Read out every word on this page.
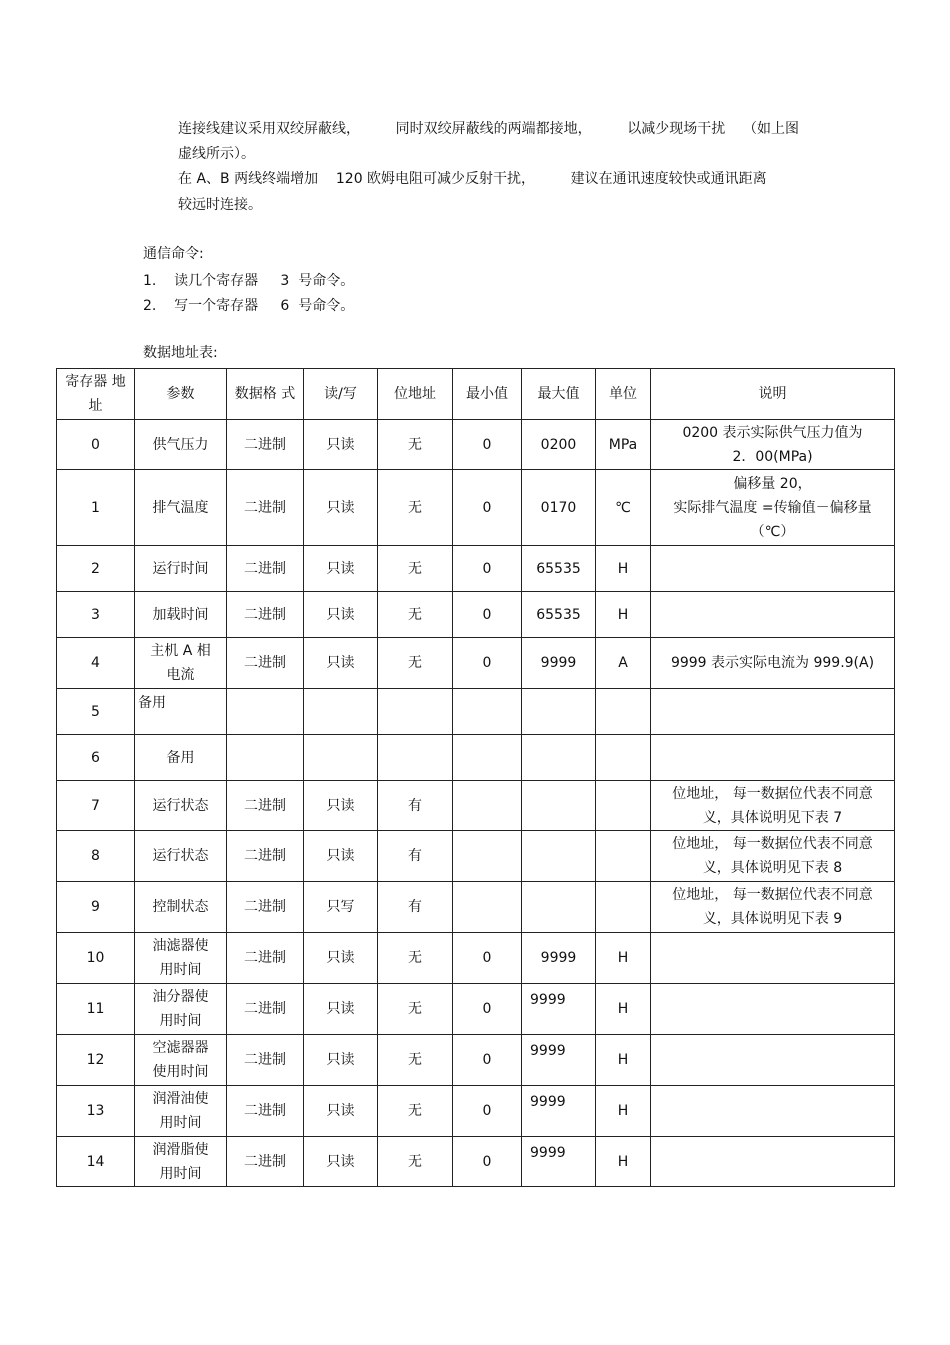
连接线建议采用双绞屏蔽线，        同时双绞屏蔽线的两端都接地，        以减少现场干扰    （如上图
虚线所示）。
在 A、B 两线终端增加    120 欧姆电阻可减少反射干扰，        建议在通讯速度较快或通讯距离
较远时连接。
通信命令:
1.    读几个寄存器     3  号命令。
2.    写一个寄存器     6  号命令。
数据地址表:
寄存器 地址	参数	数据格 式	读/写	位地址	最小值	最大值	单位	说明
0	供气压力	二进制	只读	无	0	0200	MPa	0200 表示实际供气压力值为
2．00(MPa)
1	排气温度	二进制	只读	无	0	0170	℃	偏移量 20，
实际排气温度 =传输值－偏移量
（℃）
2	运行时间	二进制	只读	无	0	65535	H	
3	加载时间	二进制	只读	无	0	65535	H	
4	主机 A 相
电流	二进制	只读	无	0	9999	A	9999 表示实际电流为 999.9(A)
5	备用							
6	备用							
7	运行状态	二进制	只读	有				位地址， 每一数据位代表不同意
义，具体说明见下表 7
8	运行状态	二进制	只读	有				位地址， 每一数据位代表不同意
义，具体说明见下表 8
9	控制状态	二进制	只写	有				位地址， 每一数据位代表不同意
义，具体说明见下表 9
10	油滤器使
用时间	二进制	只读	无	0	9999	H	
11	油分器使
用时间	二进制	只读	无	0	9999	H	
12	空滤器器
使用时间	二进制	只读	无	0	9999	H	
13	润滑油使
用时间	二进制	只读	无	0	9999	H	
14	润滑脂使
用时间	二进制	只读	无	0	9999	H	
